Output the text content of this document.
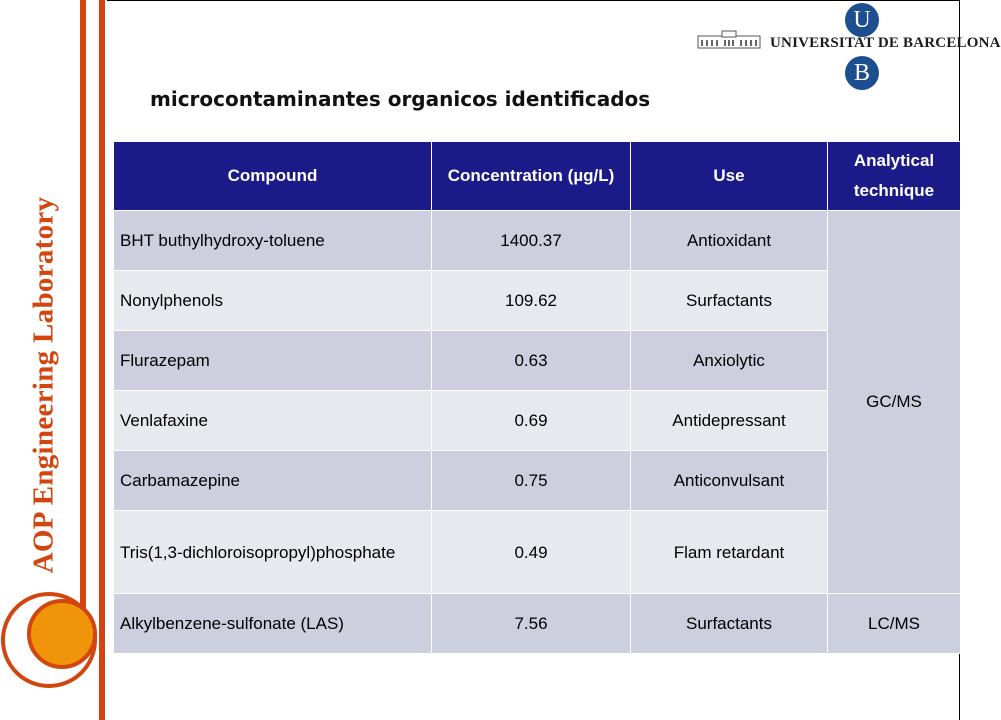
AOP Engineering Laboratory
U
UNIVERSITAT DE BARCELONA
B
microcontaminantes organicos identificados
Compound	Concentration (µg/L)	Use	Analytical technique
BHT buthylhydroxy-toluene	1400.37	Antioxidant	GC/MS
Nonylphenols	109.62	Surfactants	
Flurazepam	0.63	Anxiolytic	
Venlafaxine	0.69	Antidepressant	
Carbamazepine	0.75	Anticonvulsant	
Tris(1,3-dichloroisopropyl)phosphate	0.49	Flam retardant	
Alkylbenzene-sulfonate (LAS)	7.56	Surfactants	LC/MS
